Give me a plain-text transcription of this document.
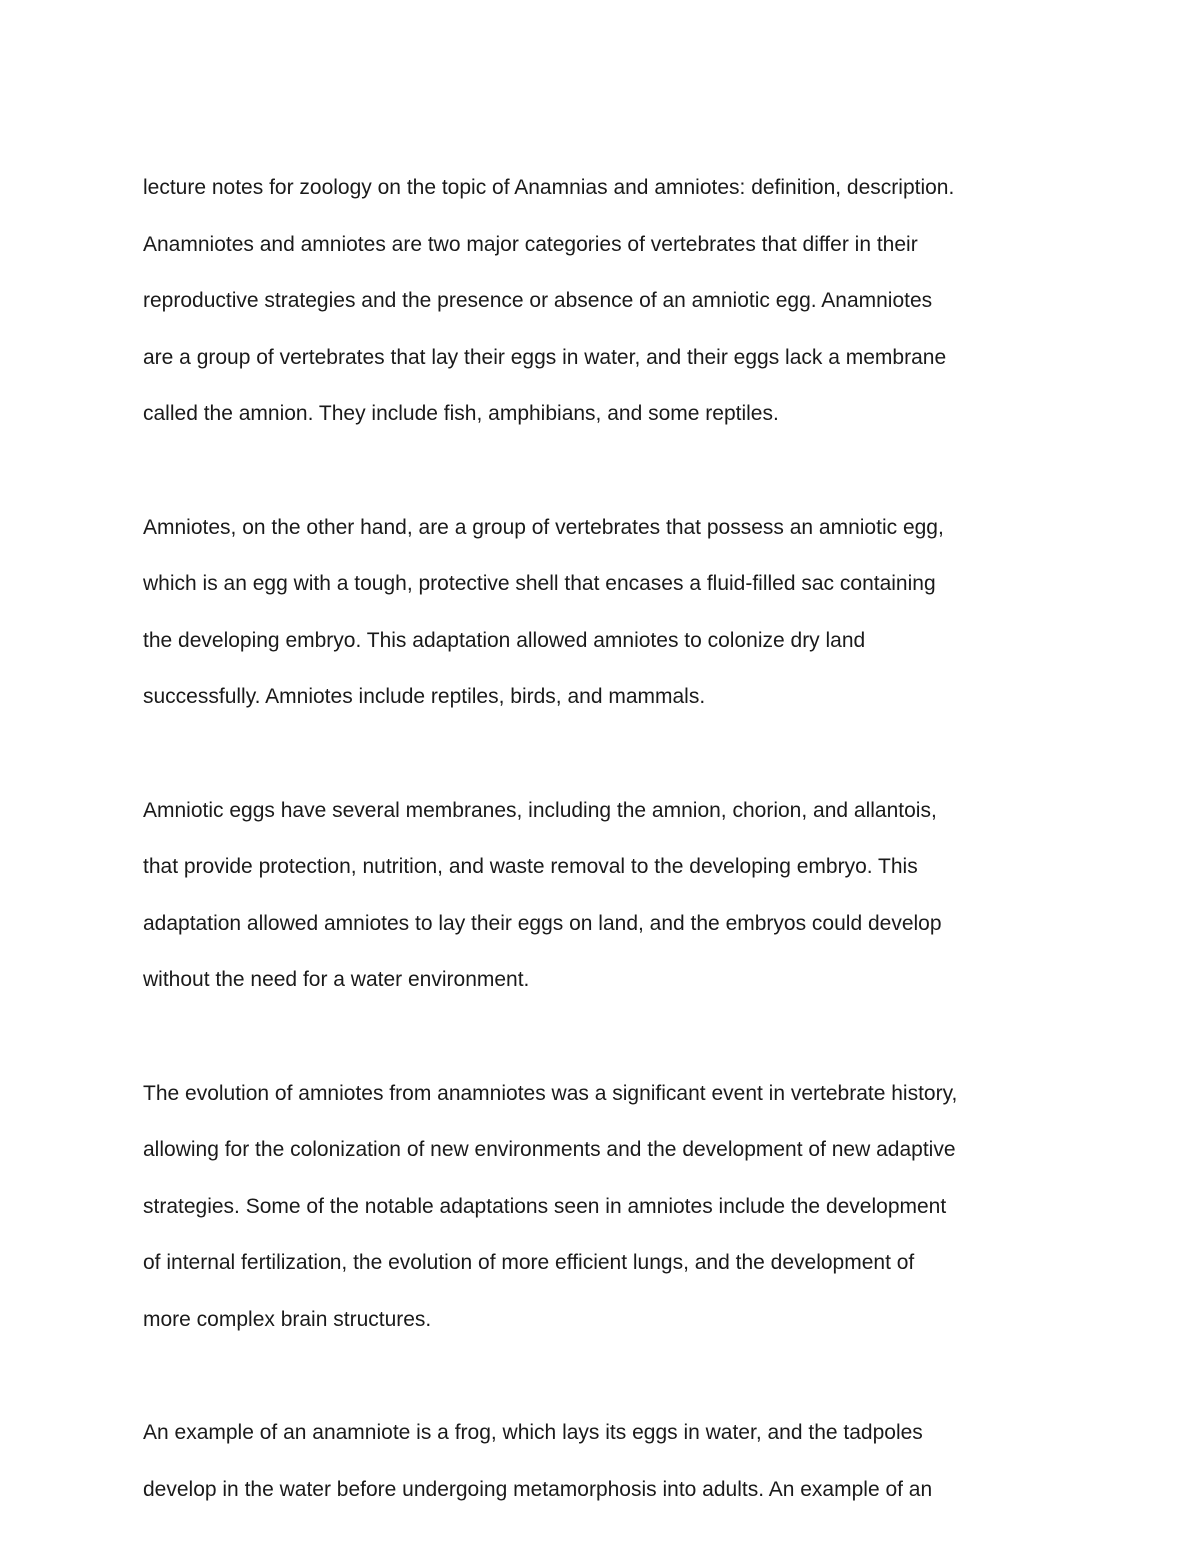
lecture notes for zoology on the topic of Anamnias and amniotes: definition, description.
Anamniotes and amniotes are two major categories of vertebrates that differ in their
reproductive strategies and the presence or absence of an amniotic egg. Anamniotes
are a group of vertebrates that lay their eggs in water, and their eggs lack a membrane
called the amnion. They include fish, amphibians, and some reptiles.

Amniotes, on the other hand, are a group of vertebrates that possess an amniotic egg,
which is an egg with a tough, protective shell that encases a fluid-filled sac containing
the developing embryo. This adaptation allowed amniotes to colonize dry land
successfully. Amniotes include reptiles, birds, and mammals.

Amniotic eggs have several membranes, including the amnion, chorion, and allantois,
that provide protection, nutrition, and waste removal to the developing embryo. This
adaptation allowed amniotes to lay their eggs on land, and the embryos could develop
without the need for a water environment.

The evolution of amniotes from anamniotes was a significant event in vertebrate history,
allowing for the colonization of new environments and the development of new adaptive
strategies. Some of the notable adaptations seen in amniotes include the development
of internal fertilization, the evolution of more efficient lungs, and the development of
more complex brain structures.

An example of an anamniote is a frog, which lays its eggs in water, and the tadpoles
develop in the water before undergoing metamorphosis into adults. An example of an
